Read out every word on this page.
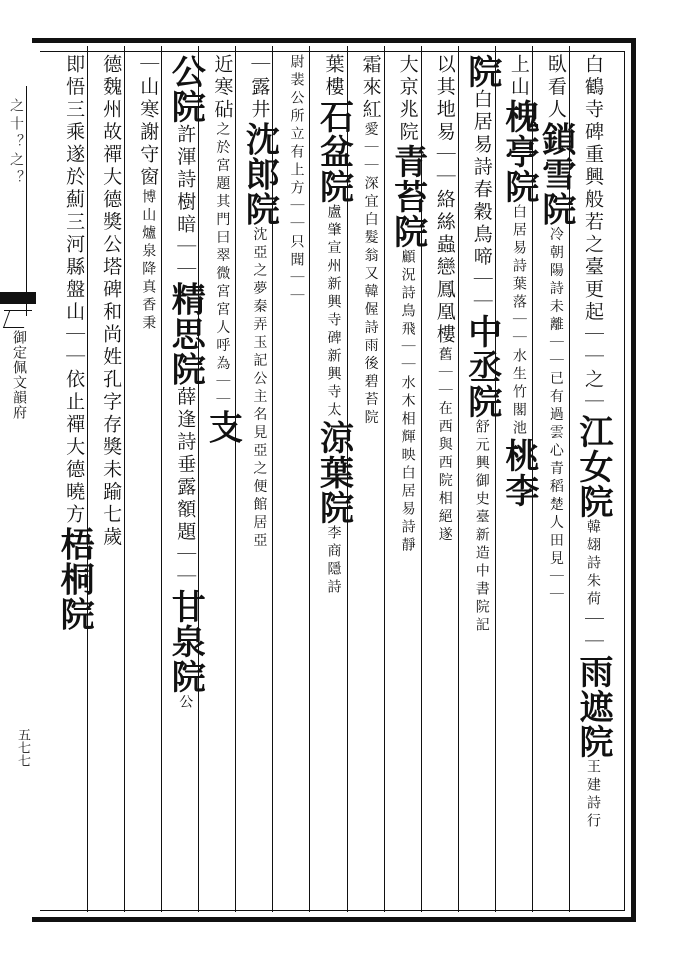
之十？之？
御定佩文韻府
五七七
白鶴寺碑重興般若之臺更起｜｜之｜江女院韓翃詩朱荷｜｜雨遮院王建詩行
臥看人鎖雪院冷朝陽詩未離｜｜已有過雲心青稻楚人田見｜｜
上山槐亭院白居易詩葉落｜｜水生竹閣池桃李
院白居易詩春穀鳥啼｜｜中丞院舒元興御史臺新造中書院記
以其地易｜｜絡絲蟲戀鳳凰樓舊｜｜在西與西院相絕遂
大京兆院青苔院顧況詩鳥飛｜｜水木相輝映白居易詩靜
霜來紅愛｜｜深宜白髮翁又韓偓詩雨後碧苔院
葉樓石盆院盧肇宣州新興寺碑新興寺太涼葉院李商隱詩
尉裴公所立有上方｜｜只聞｜｜
｜露井沈郎院沈亞之夢秦弄玉記公主名見亞之便館居亞
近寒砧之於宮題其門曰翠微宮宮人呼為｜｜支
公院許渾詩樹暗｜｜精思院薛逢詩垂露額題｜｜甘泉院公
｜山寒謝守窗博山爐泉降真香秉
德魏州故禪大德獎公塔碑和尚姓孔字存獎未踰七歲
即悟三乘遂於薊三河縣盤山｜｜依止禪大德曉方梧桐院
